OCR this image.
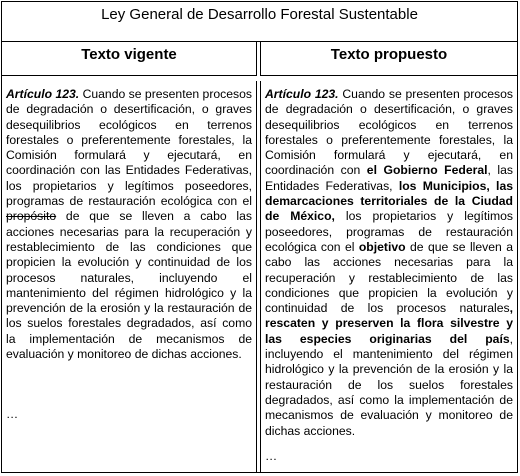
Ley General de Desarrollo Forestal Sustentable
Texto vigente	Texto propuesto
Artículo 123. Cuando se presenten procesos de degradación o desertificación, o graves desequilibrios ecológicos en terrenos forestales o preferentemente forestales, la Comisión formulará y ejecutará, en coordinación con las Entidades Federativas, los propietarios y legítimos poseedores, programas de restauración ecológica con el propósito de que se lleven a cabo las acciones necesarias para la recuperación y restablecimiento de las condiciones que propicien la evolución y continuidad de los procesos naturales, incluyendo el mantenimiento del régimen hidrológico y la prevención de la erosión y la restauración de los suelos forestales degradados, así como la implementación de mecanismos de evaluación y monitoreo de dichas acciones.
…
Artículo 123. Cuando se presenten procesos de degradación o desertificación, o graves desequilibrios ecológicos en terrenos forestales o preferentemente forestales, la Comisión formulará y ejecutará, en coordinación con el Gobierno Federal, las Entidades Federativas, los Municipios, las demarcaciones territoriales de la Ciudad de México, los propietarios y legítimos poseedores, programas de restauración ecológica con el objetivo de que se lleven a cabo las acciones necesarias para la recuperación y restablecimiento de las condiciones que propicien la evolución y continuidad de los procesos naturales, rescaten y preserven la flora silvestre y las especies originarias del país, incluyendo el mantenimiento del régimen hidrológico y la prevención de la erosión y la restauración de los suelos forestales degradados, así como la implementación de mecanismos de evaluación y monitoreo de dichas acciones.
…
